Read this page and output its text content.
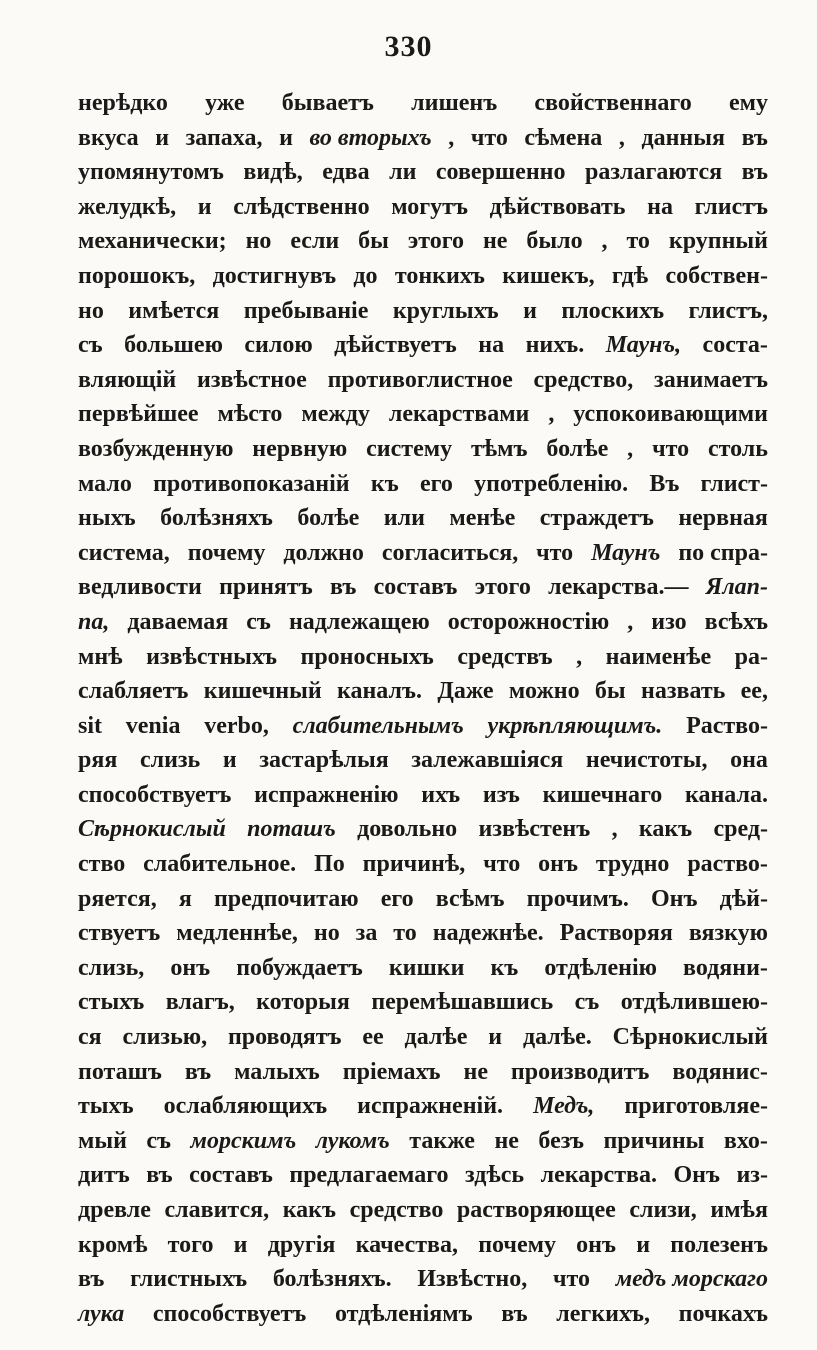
330
нерѣдко уже бываетъ лишенъ свойственнаго ему
вкуса и запаха, и во вторыхъ , что сѣмена , данныя въ
упомянутомъ видѣ, едва ли совершенно разлагаются въ
желудкѣ, и слѣдственно могутъ дѣйствовать на глистъ
механически; но если бы этого не было , то крупный
порошокъ, достигнувъ до тонкихъ кишекъ, гдѣ собствен-
но имѣется пребываніе круглыхъ и плоскихъ глистъ,
съ большею силою дѣйствуетъ на нихъ. Маунъ, соста-
вляющій извѣстное противоглистное средство, занимаетъ
первѣйшее мѣсто между лекарствами , успокоивающими
возбужденную нервную систему тѣмъ болѣе , что столь
мало противопоказаній къ его употребленію. Въ глист-
ныхъ болѣзняхъ болѣе или менѣе страждетъ нервная
система, почему должно согласиться, что Маунъ по спра-
ведливости принятъ въ составъ этого лекарства.— Ялап-
па, даваемая съ надлежащею осторожностію , изо всѣхъ
мнѣ извѣстныхъ проносныхъ средствъ , наименѣе ра-
слабляетъ кишечный каналъ. Даже можно бы назвать ее,
sit venia verbo, слабительнымъ укрѣпляющимъ. Раство-
ряя слизь и застарѣлыя залежавшіяся нечистоты, она
способствуетъ испражненію ихъ изъ кишечнаго канала.
Сѣрнокислый поташъ довольно извѣстенъ , какъ сред-
ство слабительное. По причинѣ, что онъ трудно раство-
ряется, я предпочитаю его всѣмъ прочимъ. Онъ дѣй-
ствуетъ медленнѣе, но за то надежнѣе. Растворяя вязкую
слизь, онъ побуждаетъ кишки къ отдѣленію водяни-
стыхъ влагъ, которыя перемѣшавшись съ отдѣлившею-
ся слизью, проводятъ ее далѣе и далѣе. Сѣрнокислый
поташъ въ малыхъ пріемахъ не производитъ водянис-
тыхъ ослабляющихъ испражненій. Медъ, приготовляе-
мый съ морскимъ лукомъ также не безъ причины вхо-
дитъ въ составъ предлагаемаго здѣсь лекарства. Онъ из-
древле славится, какъ средство растворяющее слизи, имѣя
кромѣ того и другія качества, почему онъ и полезенъ
въ глистныхъ болѣзняхъ. Извѣстно, что медъ морскаго
лука способствуетъ отдѣленіямъ въ легкихъ, почкахъ
